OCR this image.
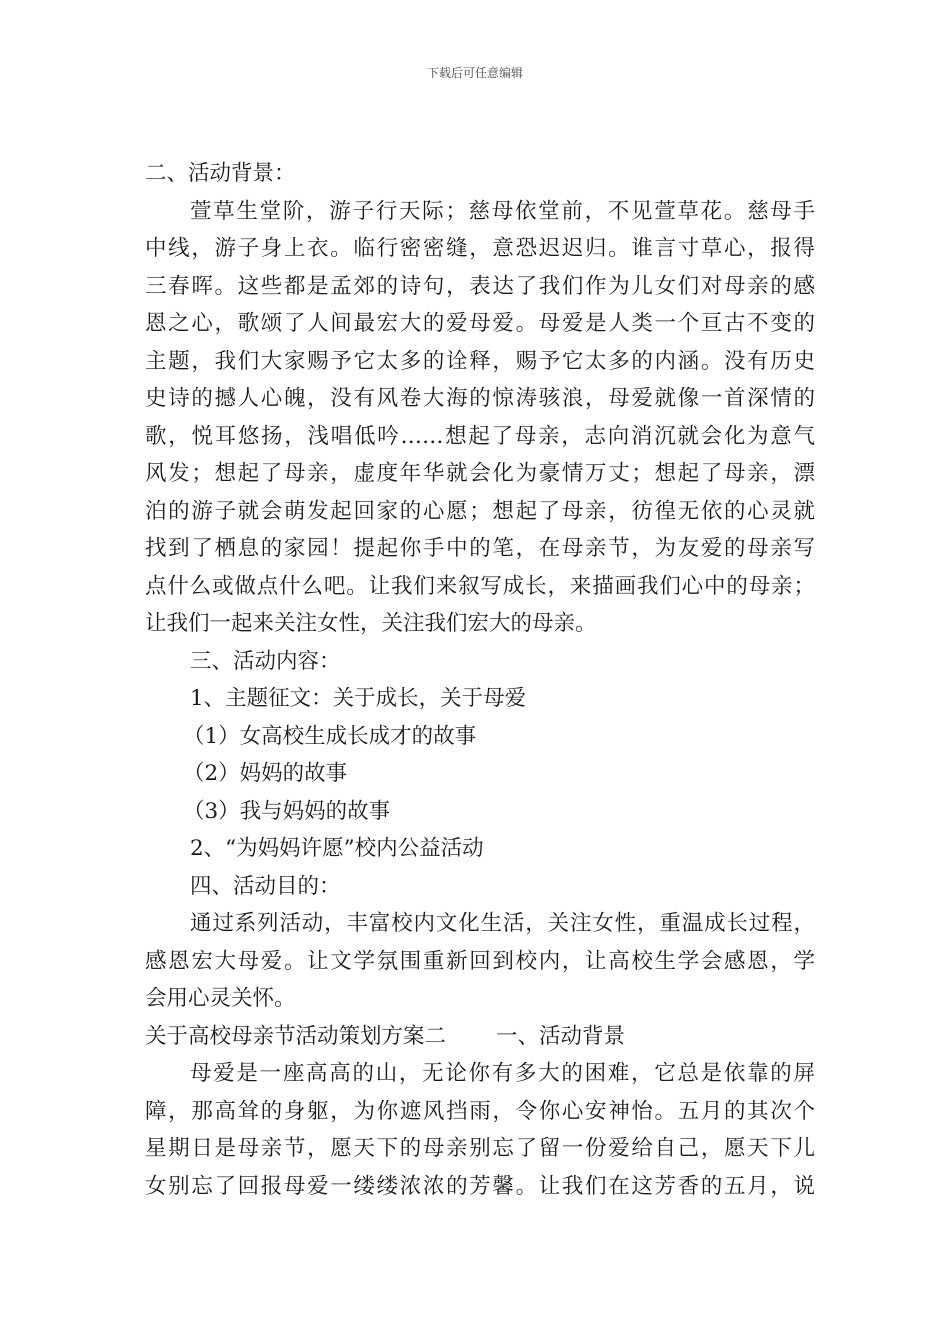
下载后可任意编辑
二、活动背景：
萱草生堂阶，游子行天际；慈母依堂前，不见萱草花。慈母手
中线，游子身上衣。临行密密缝，意恐迟迟归。谁言寸草心，报得
三春晖。这些都是孟郊的诗句，表达了我们作为儿女们对母亲的感
恩之心，歌颂了人间最宏大的爱母爱。母爱是人类一个亘古不变的
主题，我们大家赐予它太多的诠释，赐予它太多的内涵。没有历史
史诗的撼人心魄，没有风卷大海的惊涛骇浪，母爱就像一首深情的
歌，悦耳悠扬，浅唱低吟……想起了母亲，志向消沉就会化为意气
风发；想起了母亲，虚度年华就会化为豪情万丈；想起了母亲，漂
泊的游子就会萌发起回家的心愿；想起了母亲，彷徨无依的心灵就
找到了栖息的家园！提起你手中的笔，在母亲节，为友爱的母亲写
点什么或做点什么吧。让我们来叙写成长，来描画我们心中的母亲；
让我们一起来关注女性，关注我们宏大的母亲。
三、活动内容：
1、主题征文：关于成长，关于母爱
（1）女高校生成长成才的故事
（2）妈妈的故事
（3）我与妈妈的故事
2、“为妈妈许愿”校内公益活动
四、活动目的：
通过系列活动，丰富校内文化生活，关注女性，重温成长过程，
感恩宏大母爱。让文学氛围重新回到校内，让高校生学会感恩，学
会用心灵关怀。
关于高校母亲节活动策划方案二 一、活动背景
母爱是一座高高的山，无论你有多大的困难，它总是依靠的屏
障，那高耸的身躯，为你遮风挡雨，令你心安神怡。五月的其次个
星期日是母亲节，愿天下的母亲别忘了留一份爱给自己，愿天下儿
女别忘了回报母爱一缕缕浓浓的芳馨。让我们在这芳香的五月，说
